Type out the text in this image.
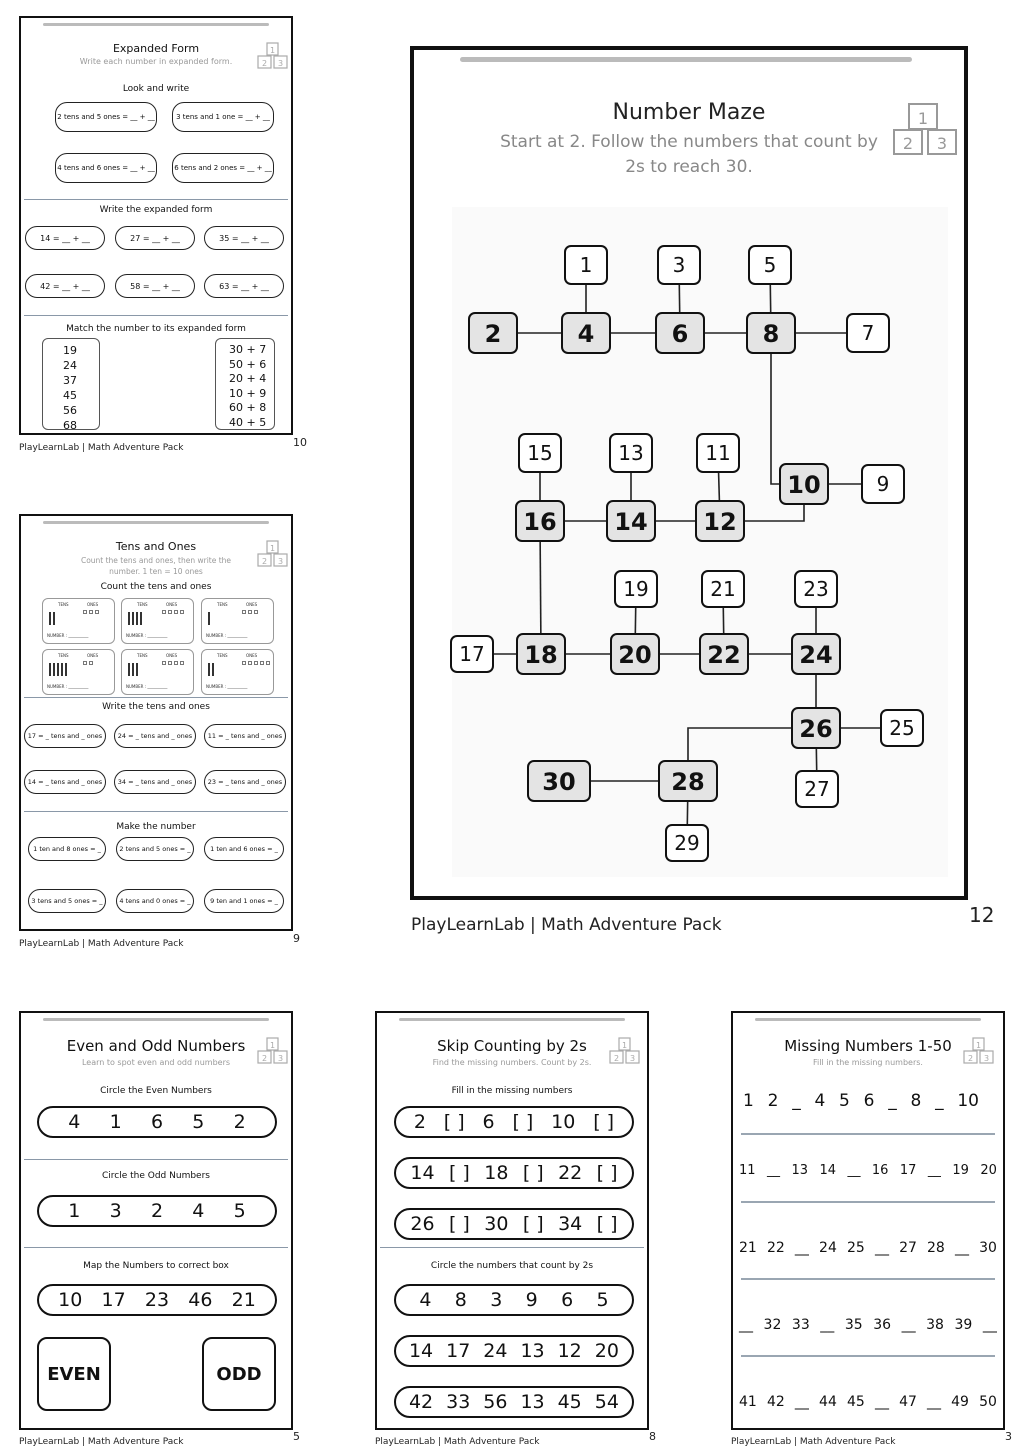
Expanded Form
Write each number in expanded form.
1
2 3
Look and write
2 tens and 5 ones = __ + __	3 tens and 1 one = __ + __
4 tens and 6 ones = __ + __	6 tens and 2 ones = __ + __
Write the expanded form
14 = __ + __	27 = __ + __	35 = __ + __
42 = __ + __	58 = __ + __	63 = __ + __
Match the number to its expanded form
19
24
37
45
56
68
30 + 7
50 + 6
20 + 4
10 + 9
60 + 8
40 + 5
PlayLearnLab | Math Adventure Pack	10
Tens and Ones
Count the tens and ones, then write the number. 1 ten = 10 ones
1
2 3
Count the tens and ones
Write the tens and ones
17 = _ tens and _ ones	24 = _ tens and _ ones	11 = _ tens and _ ones
14 = _ tens and _ ones	34 = _ tens and _ ones	23 = _ tens and _ ones
Make the number
1 ten and 8 ones = _	2 tens and 5 ones = _	1 ten and 6 ones = _
3 tens and 5 ones = _	4 tens and 0 ones = _	9 ten and 1 ones = _
TENS	ONES
NUMBER : __________
TENS	ONES
NUMBER : __________
TENS	ONES
NUMBER : __________
TENS	ONES
NUMBER : __________
TENS	ONES
NUMBER : __________
TENS	ONES
NUMBER : __________
PlayLearnLab | Math Adventure Pack	9
Number Maze
Start at 2. Follow the numbers that count by
2s to reach 30.
1
2 3
2	4	6	8
10
12
14
16
18	20 22 24
26
28
30
1	3	5
7
9
11
13
15
17
19	21	23
25
27
29
PlayLearnLab | Math Adventure Pack	12
Even and Odd Numbers
Learn to spot even and odd numbers
1
2 3
Circle the Even Numbers
4 1 6 5 2
Circle the Odd Numbers
1 3 2 4 5
Map the Numbers to correct box
10 17 23 46 21
EVEN	ODD
PlayLearnLab | Math Adventure Pack	5
Skip Counting by 2s
Find the missing numbers. Count by 2s.
1
2 3
Fill in the missing numbers
2 [ ] 6 [ ] 10 [ ]
14 [ ] 18 [ ] 22 [ ]
26 [ ] 30 [ ] 34 [ ]
Circle the numbers that count by 2s
4 8 3 9 6 5
14 17 24 13 12 20
42 33 56 13 45 54
PlayLearnLab | Math Adventure Pack	8
Missing Numbers 1-50
Fill in the missing numbers.
1
2 3
1 2 _ 4 5 6 _ 8 _ 10
11 __ 13 14 __ 16 17 __ 19 20
21 22 __ 24 25 __ 27 28 __ 30
__ 32 33 __ 35 36 __ 38 39 __
41 42 __ 44 45 __ 47 __ 49 50
PlayLearnLab | Math Adventure Pack	3
